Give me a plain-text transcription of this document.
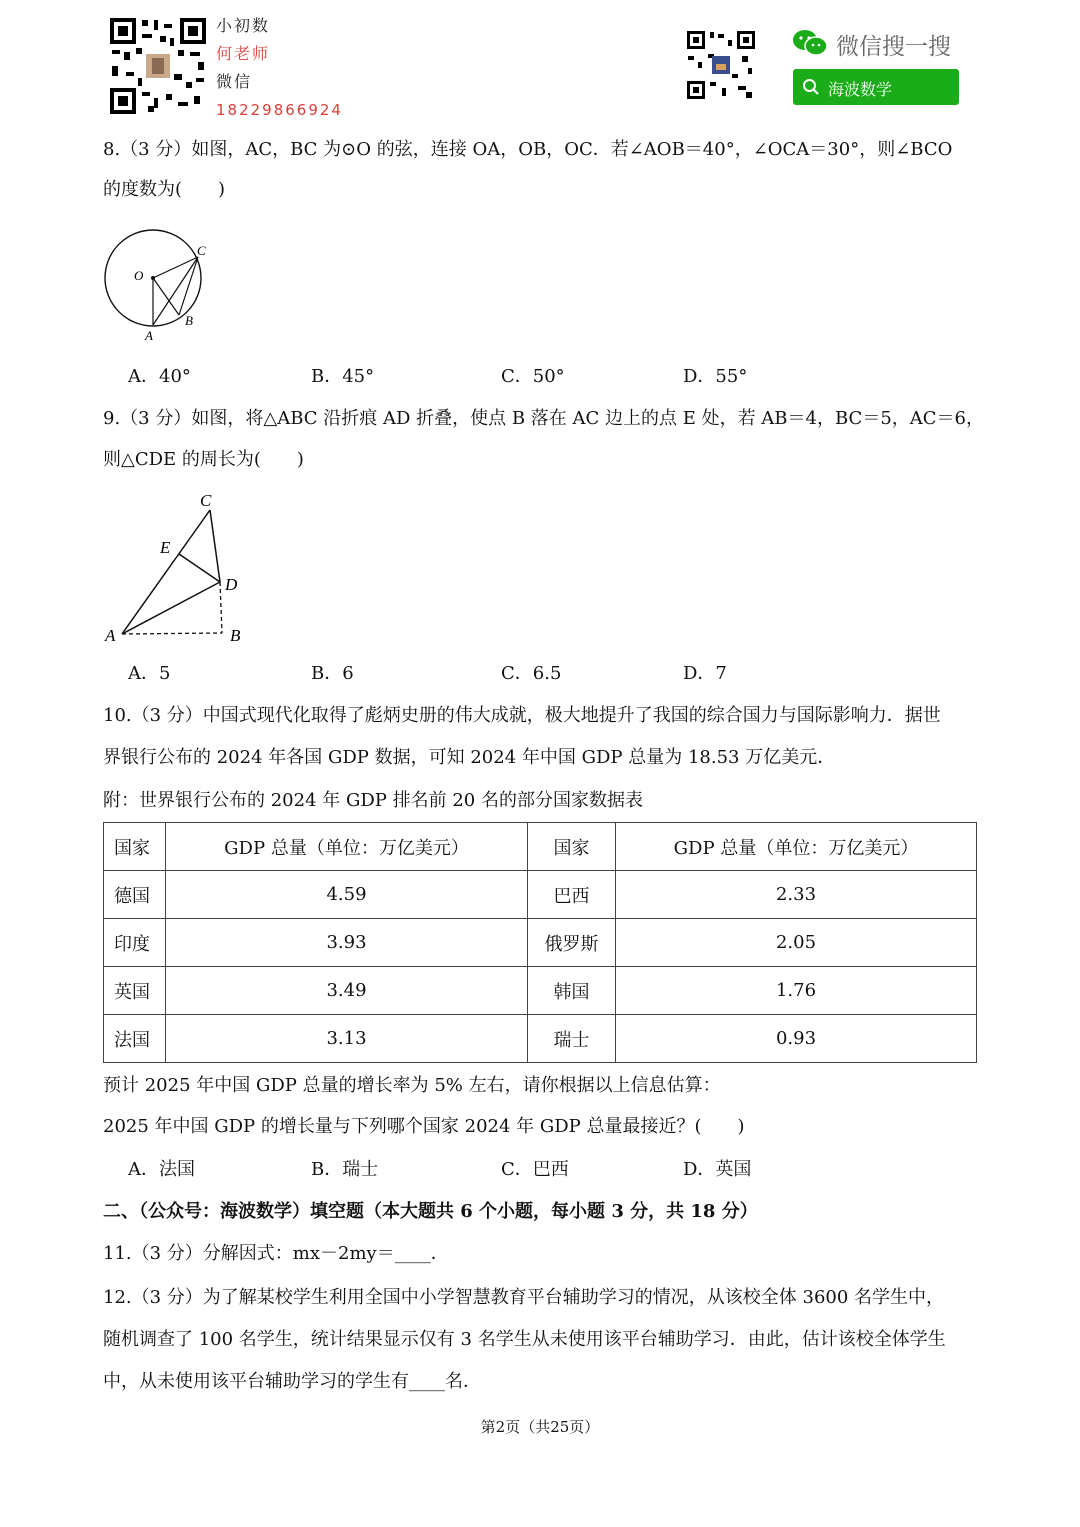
小初数
何老师
微信
18229866924
微信搜一搜
海波数学
8.（3 分）如图，AC，BC 为⊙O 的弦，连接 OA，OB，OC．若∠AOB＝40°，∠OCA＝30°，则∠BCO
的度数为(　　)
O
C
B
A
A．40°	B．45°	C．50°	D．55°
9.（3 分）如图，将△ABC 沿折痕 AD 折叠，使点 B 落在 AC 边上的点 E 处，若 AB＝4，BC＝5，AC＝6，
则△CDE 的周长为(　　)
C
E
D
A	B
A．5	B．6	C．6.5	D．7
10.（3 分）中国式现代化取得了彪炳史册的伟大成就，极大地提升了我国的综合国力与国际影响力．据世
界银行公布的 2024 年各国 GDP 数据，可知 2024 年中国 GDP 总量为 18.53 万亿美元．
附：世界银行公布的 2024 年 GDP 排名前 20 名的部分国家数据表
国家	GDP 总量（单位：万亿美元）	国家	GDP 总量（单位：万亿美元）
德国	4.59	巴西	2.33
印度	3.93	俄罗斯	2.05
英国	3.49	韩国	1.76
法国	3.13	瑞士	0.93
预计 2025 年中国 GDP 总量的增长率为 5% 左右，请你根据以上信息估算：
2025 年中国 GDP 的增长量与下列哪个国家 2024 年 GDP 总量最接近？(　　)
A．法国	B．瑞士	C．巴西	D．英国
二、（公众号：海波数学）填空题（本大题共 6 个小题，每小题 3 分，共 18 分）
11.（3 分）分解因式：mx－2my＝____．
12.（3 分）为了解某校学生利用全国中小学智慧教育平台辅助学习的情况，从该校全体 3600 名学生中，
随机调查了 100 名学生，统计结果显示仅有 3 名学生从未使用该平台辅助学习．由此，估计该校全体学生
中，从未使用该平台辅助学习的学生有____名．
第2页（共25页）
